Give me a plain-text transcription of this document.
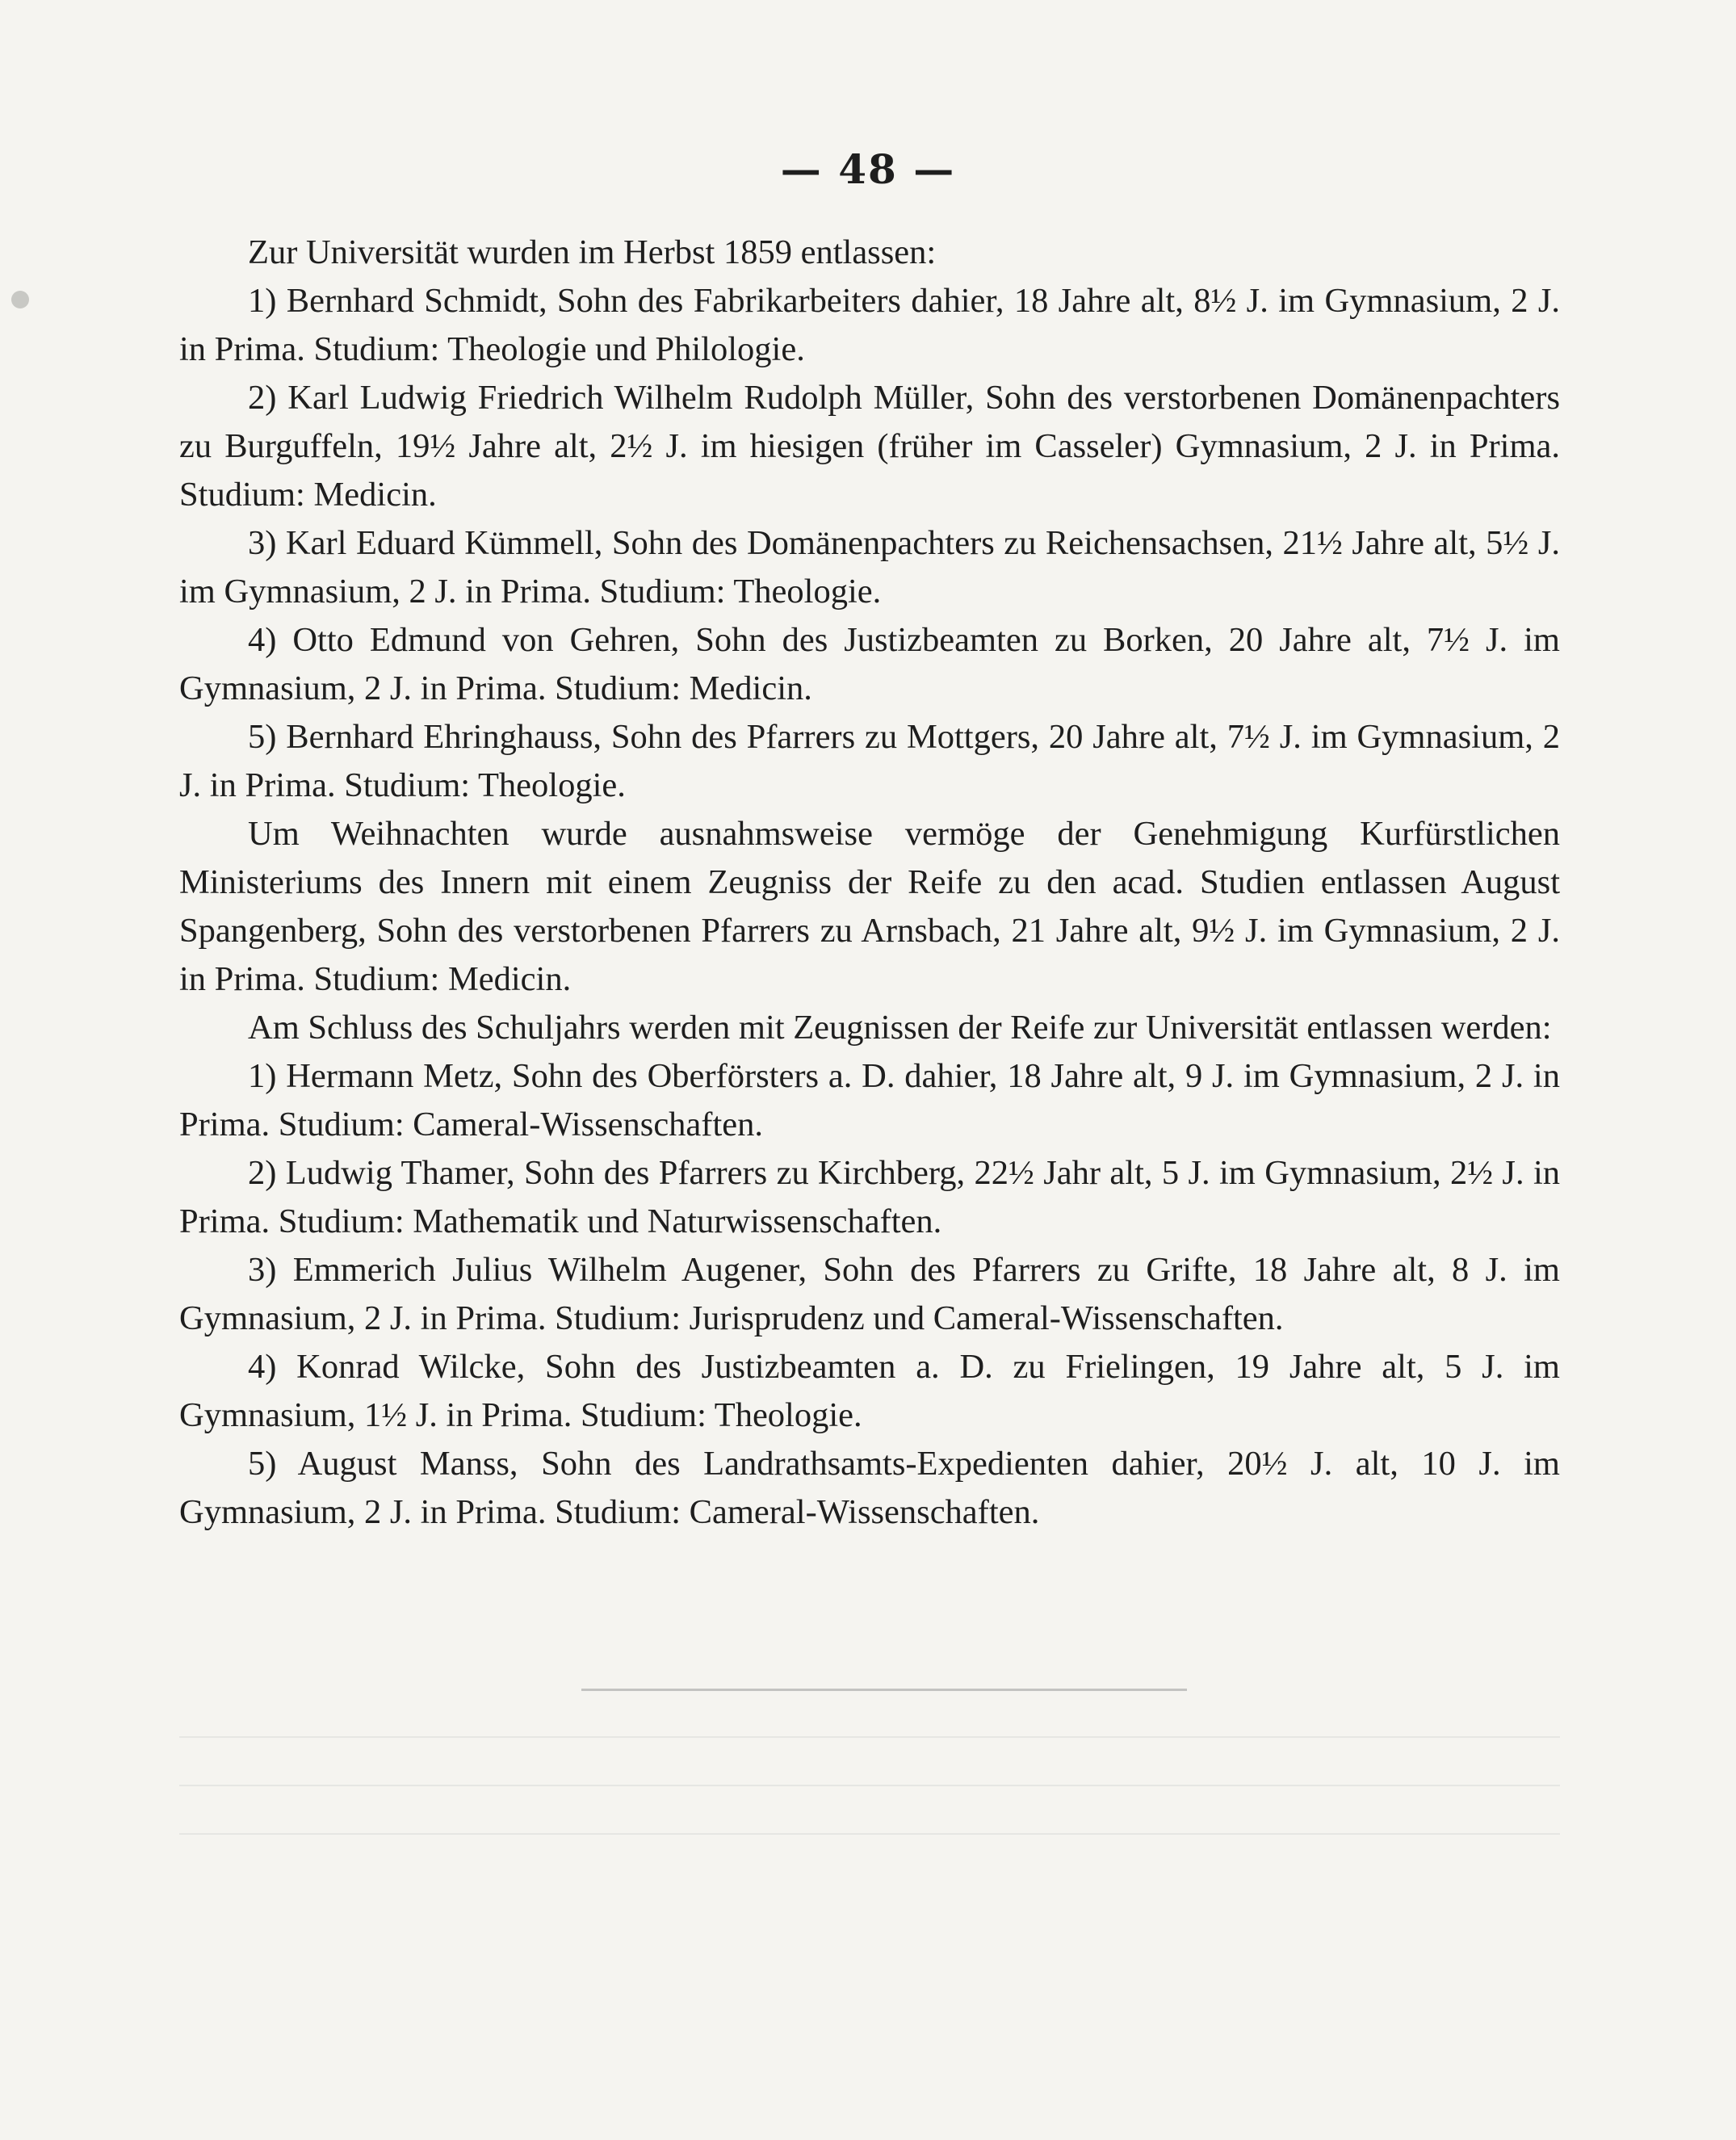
— 48 —

Zur Universität wurden im Herbst 1859 entlassen:

1) Bernhard Schmidt, Sohn des Fabrikarbeiters dahier, 18 Jahre alt, 8½ J. im Gymnasium, 2 J. in Prima. Studium: Theologie und Philologie.

2) Karl Ludwig Friedrich Wilhelm Rudolph Müller, Sohn des verstorbenen Domänenpachters zu Burguffeln, 19½ Jahre alt, 2½ J. im hiesigen (früher im Casseler) Gymnasium, 2 J. in Prima. Studium: Medicin.

3) Karl Eduard Kümmell, Sohn des Domänenpachters zu Reichensachsen, 21½ Jahre alt, 5½ J. im Gymnasium, 2 J. in Prima. Studium: Theologie.

4) Otto Edmund von Gehren, Sohn des Justizbeamten zu Borken, 20 Jahre alt, 7½ J. im Gymnasium, 2 J. in Prima. Studium: Medicin.

5) Bernhard Ehringhauss, Sohn des Pfarrers zu Mottgers, 20 Jahre alt, 7½ J. im Gymnasium, 2 J. in Prima. Studium: Theologie.

Um Weihnachten wurde ausnahmsweise vermöge der Genehmigung Kurfürstlichen Ministeriums des Innern mit einem Zeugniss der Reife zu den acad. Studien entlassen August Spangenberg, Sohn des verstorbenen Pfarrers zu Arnsbach, 21 Jahre alt, 9½ J. im Gymnasium, 2 J. in Prima. Studium: Medicin.

Am Schluss des Schuljahrs werden mit Zeugnissen der Reife zur Universität entlassen werden:

1) Hermann Metz, Sohn des Oberförsters a. D. dahier, 18 Jahre alt, 9 J. im Gymnasium, 2 J. in Prima. Studium: Cameral-Wissenschaften.

2) Ludwig Thamer, Sohn des Pfarrers zu Kirchberg, 22½ Jahr alt, 5 J. im Gymnasium, 2½ J. in Prima. Studium: Mathematik und Naturwissenschaften.

3) Emmerich Julius Wilhelm Augener, Sohn des Pfarrers zu Grifte, 18 Jahre alt, 8 J. im Gymnasium, 2 J. in Prima. Studium: Jurisprudenz und Cameral-Wissenschaften.

4) Konrad Wilcke, Sohn des Justizbeamten a. D. zu Frielingen, 19 Jahre alt, 5 J. im Gymnasium, 1½ J. in Prima. Studium: Theologie.

5) August Manss, Sohn des Landrathsamts-Expedienten dahier, 20½ J. alt, 10 J. im Gymnasium, 2 J. in Prima. Studium: Cameral-Wissenschaften.
